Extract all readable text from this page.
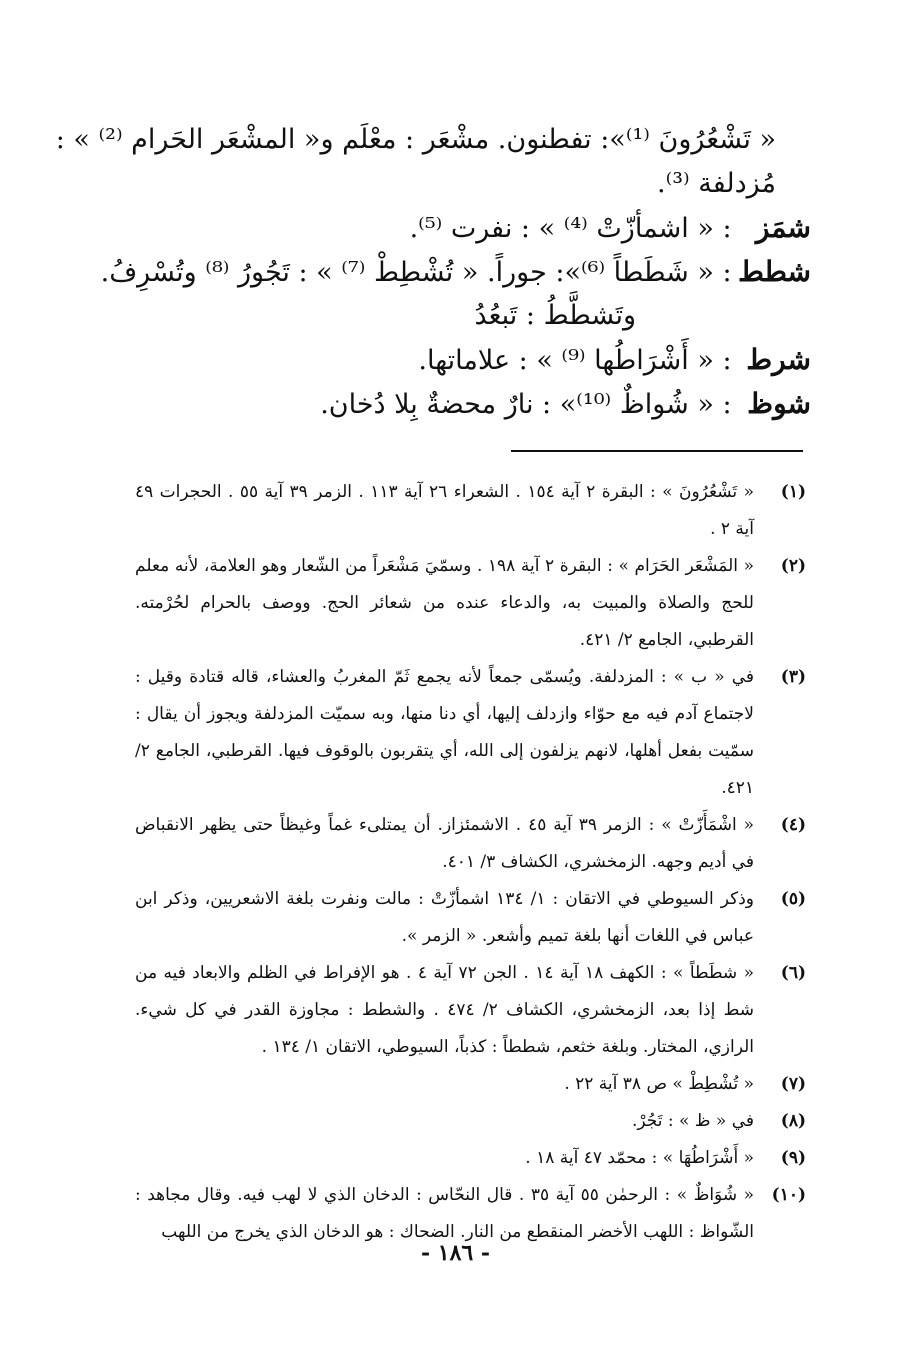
« تَشْعُرُونَ ⁽¹⁾»: تفطنون. مشْعَر : معْلَم و« المشْعَر الحَرام ⁽²⁾ » :
مُزدلفة ⁽³⁾.
شمَز : « اشمأزّتْ ⁽⁴⁾ » : نفرت ⁽⁵⁾.
شطط : « شَطَطاً ⁽⁶⁾»: جوراً. « تُشْطِطْ ⁽⁷⁾ » : تَجُورُ ⁽⁸⁾ وتُسْرِفُ.
وتَشطَّطُ : تَبعُدُ
شرط : « أَشْرَاطُها ⁽⁹⁾ » : علاماتها.
شوظ : « شُواظٌ ⁽¹⁰⁾» : نارٌ محضةٌ بِلا دُخان.
(١)
« تَشْعُرُونَ » : البقرة ٢ آية ١٥٤ . الشعراء ٢٦ آية ١١٣ . الزمر ٣٩ آية ٥٥ . الحجرات ٤٩ آية ٢ .
(٢)
« المَشْعَر الحَرَام » : البقرة ٢ آية ١٩٨ . وسمّيَ مَشْعَراً من الشّعار وهو العلامة، لأنه معلم للحج والصلاة والمبيت به، والدعاء عنده من شعائر الحج. ووصف بالحرام لحُرْمته. القرطبي، الجامع ٢/ ٤٢١.
(٣)
في « ب » : المزدلفة. ويُسمّى جمعاً لأنه يجمع ثَمّ المغربُ والعشاء، قاله قتادة وقيل : لاجتماع آدم فيه مع حوّاء وازدلف إليها، أي دنا منها، وبه سميّت المزدلفة ويجوز أن يقال : سمّيت بفعل أهلها، لانهم يزلفون إلى الله، أي يتقربون بالوقوف فيها. القرطبي، الجامع ٢/ ٤٢١.
(٤)
« اشْمَأَزّتْ » : الزمر ٣٩ آية ٤٥ . الاشمئزاز. أن يمتلىء غماً وغيظاً حتى يظهر الانقباض في أديم وجهه. الزمخشري، الكشاف ٣/ ٤٠١.
(٥)
وذكر السيوطي في الاتقان : ١/ ١٣٤ اشمأزّتْ : مالت ونفرت بلغة الاشعريين، وذكر ابن عباس في اللغات أنها بلغة تميم وأشعر. « الزمر ».
(٦)
« شطَطاً » : الكهف ١٨ آية ١٤ . الجن ٧٢ آية ٤ . هو الإفراط في الظلم والابعاد فيه من شط إذا بعد، الزمخشري، الكشاف ٢/ ٤٧٤ . والشطط : مجاوزة القدر في كل شيء. الرازي، المختار. وبلغة خثعم، شططاً : كذباً، السيوطي، الاتقان ١/ ١٣٤ .
(٧)
« تُشْطِطْ » ص ٣٨ آية ٢٢ .
(٨)
في « ظ » : تَجُرْ.
(٩)
« أَشْرَاطُهَا » : محمّد ٤٧ آية ١٨ .
(١٠)
« شُوَاظٌ » : الرحمٰن ٥٥ آية ٣٥ . قال النحّاس : الدخان الذي لا لهب فيه. وقال مجاهد : الشّواظ : اللهب الأخضر المنقطع من النار. الضحاك : هو الدخان الذي يخرج من اللهب
- ١٨٦ -
